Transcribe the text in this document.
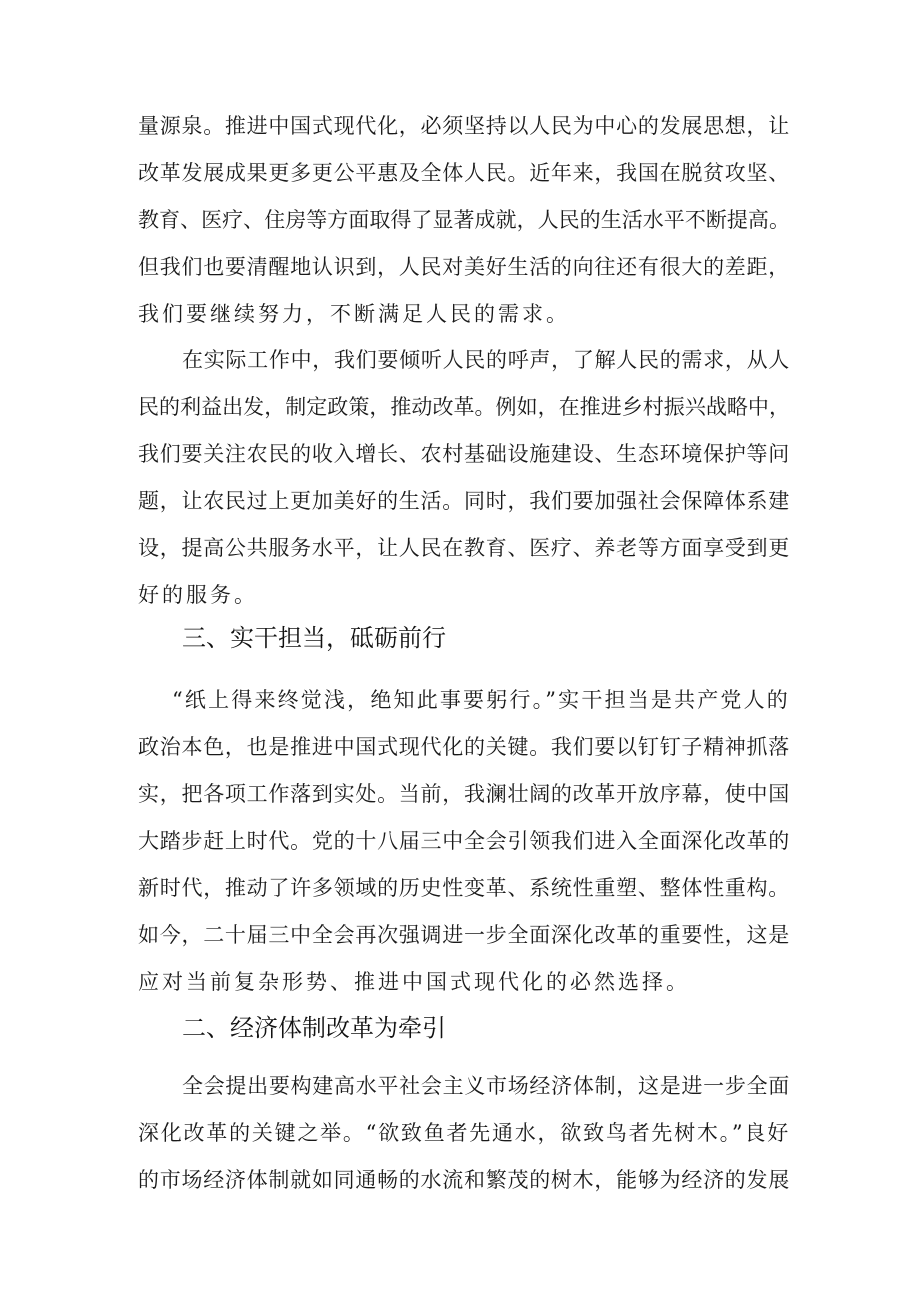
量源泉。推进中国式现代化，必须坚持以人民为中心的发展思想，让
改革发展成果更多更公平惠及全体人民。近年来，我国在脱贫攻坚、
教育、医疗、住房等方面取得了显著成就，人民的生活水平不断提高。
但我们也要清醒地认识到，人民对美好生活的向往还有很大的差距，
我们要继续努力，不断满足人民的需求。
在实际工作中，我们要倾听人民的呼声，了解人民的需求，从人
民的利益出发，制定政策，推动改革。例如，在推进乡村振兴战略中，
我们要关注农民的收入增长、农村基础设施建设、生态环境保护等问
题，让农民过上更加美好的生活。同时，我们要加强社会保障体系建
设，提高公共服务水平，让人民在教育、医疗、养老等方面享受到更
好的服务。
三、实干担当，砥砺前行
“纸上得来终觉浅，绝知此事要躬行。”实干担当是共产党人的
政治本色，也是推进中国式现代化的关键。我们要以钉钉子精神抓落
实，把各项工作落到实处。当前，我澜壮阔的改革开放序幕，使中国
大踏步赶上时代。党的十八届三中全会引领我们进入全面深化改革的
新时代，推动了许多领域的历史性变革、系统性重塑、整体性重构。
如今，二十届三中全会再次强调进一步全面深化改革的重要性，这是
应对当前复杂形势、推进中国式现代化的必然选择。
二、经济体制改革为牵引
全会提出要构建高水平社会主义市场经济体制，这是进一步全面
深化改革的关键之举。“欲致鱼者先通水，欲致鸟者先树木。”良好
的市场经济体制就如同通畅的水流和繁茂的树木，能够为经济的发展
